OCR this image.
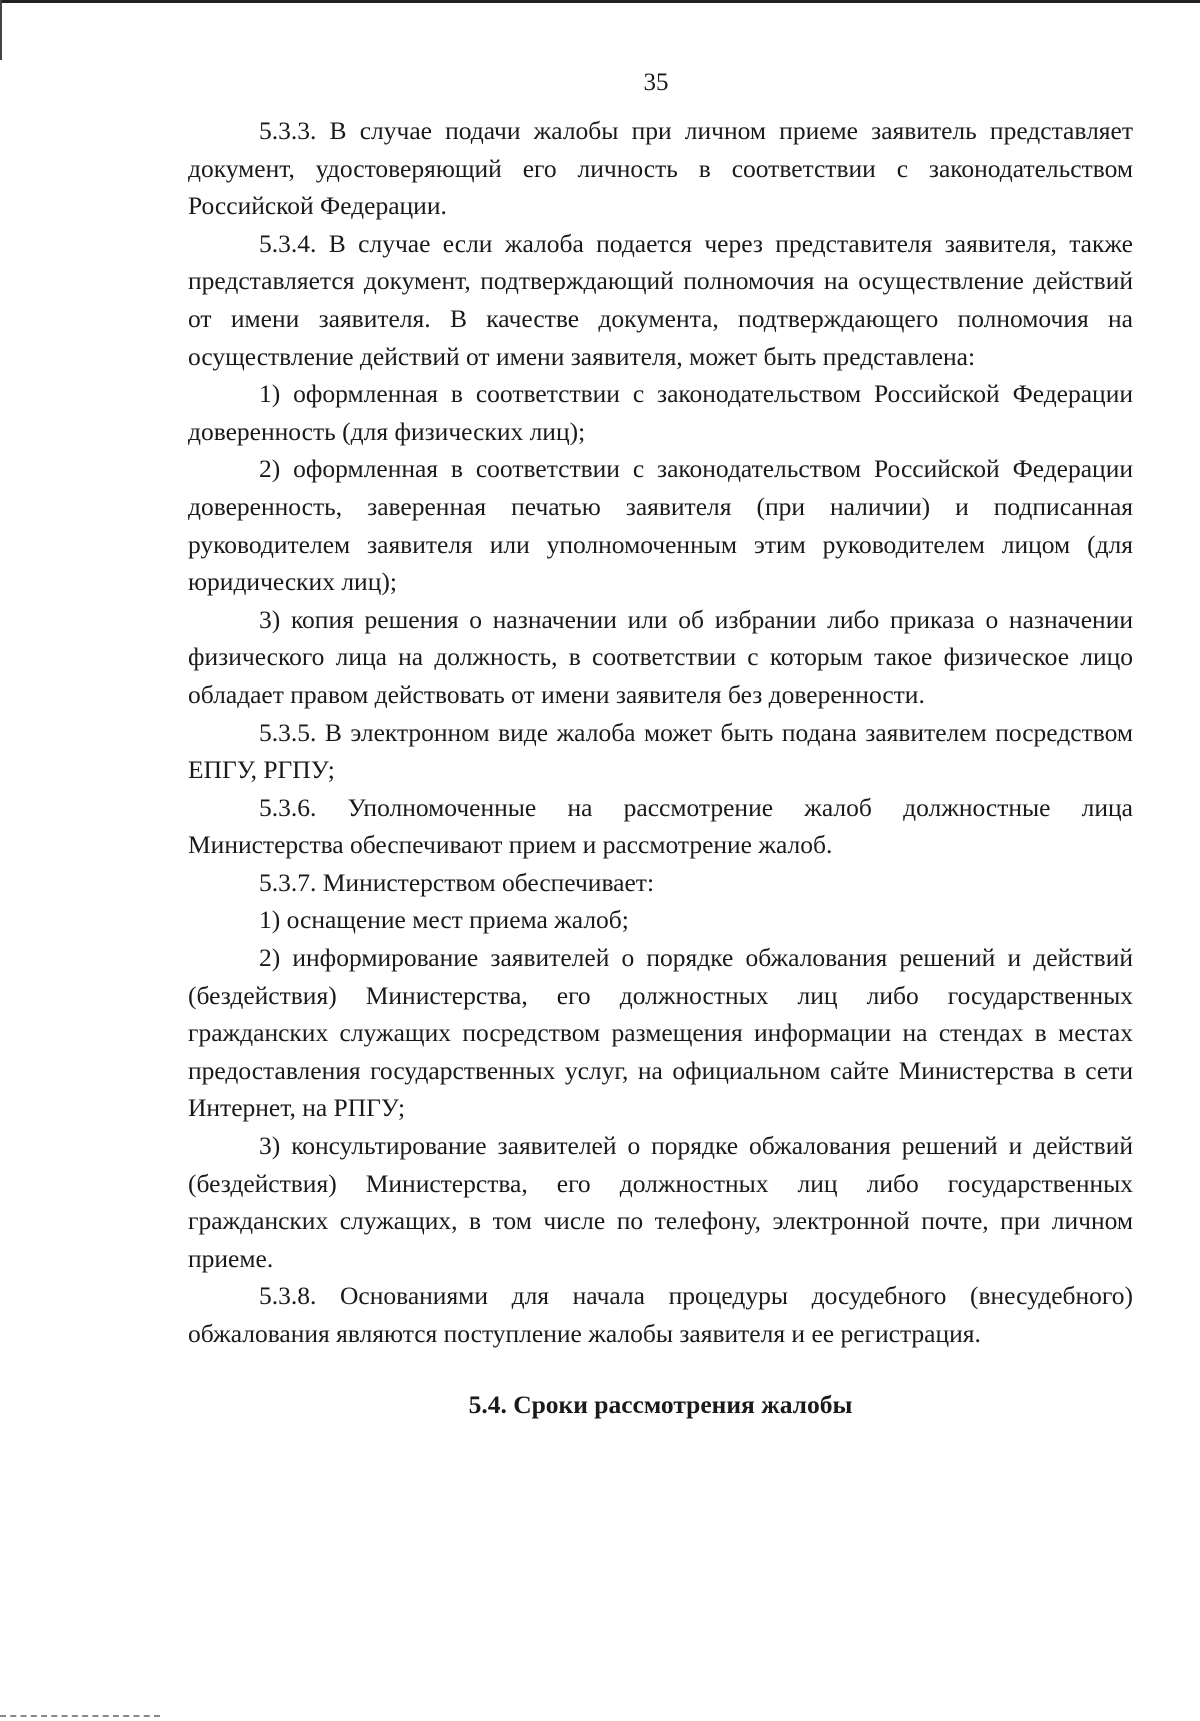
35

5.3.3. В случае подачи жалобы при личном приеме заявитель представляет документ, удостоверяющий его личность в соответствии с законодательством Российской Федерации.

5.3.4. В случае если жалоба подается через представителя заявителя, также представляется документ, подтверждающий полномочия на осуществление действий от имени заявителя. В качестве документа, подтверждающего полномочия на осуществление действий от имени заявителя, может быть представлена:

1) оформленная в соответствии с законодательством Российской Федерации доверенность (для физических лиц);

2) оформленная в соответствии с законодательством Российской Федерации доверенность, заверенная печатью заявителя (при наличии) и подписанная руководителем заявителя или уполномоченным этим руководителем лицом (для юридических лиц);

3) копия решения о назначении или об избрании либо приказа о назначении физического лица на должность, в соответствии с которым такое физическое лицо обладает правом действовать от имени заявителя без доверенности.

5.3.5. В электронном виде жалоба может быть подана заявителем посредством ЕПГУ, РГПУ;

5.3.6. Уполномоченные на рассмотрение жалоб должностные лица Министерства обеспечивают прием и рассмотрение жалоб.

5.3.7. Министерством обеспечивает:

1) оснащение мест приема жалоб;

2) информирование заявителей о порядке обжалования решений и действий (бездействия) Министерства, его должностных лиц либо государственных гражданских служащих посредством размещения информации на стендах в местах предоставления государственных услуг, на официальном сайте Министерства в сети Интернет, на РПГУ;

3) консультирование заявителей о порядке обжалования решений и действий (бездействия) Министерства, его должностных лиц либо государственных гражданских служащих, в том числе по телефону, электронной почте, при личном приеме.

5.3.8. Основаниями для начала процедуры досудебного (внесудебного) обжалования являются поступление жалобы заявителя и ее регистрация.

5.4. Сроки рассмотрения жалобы
